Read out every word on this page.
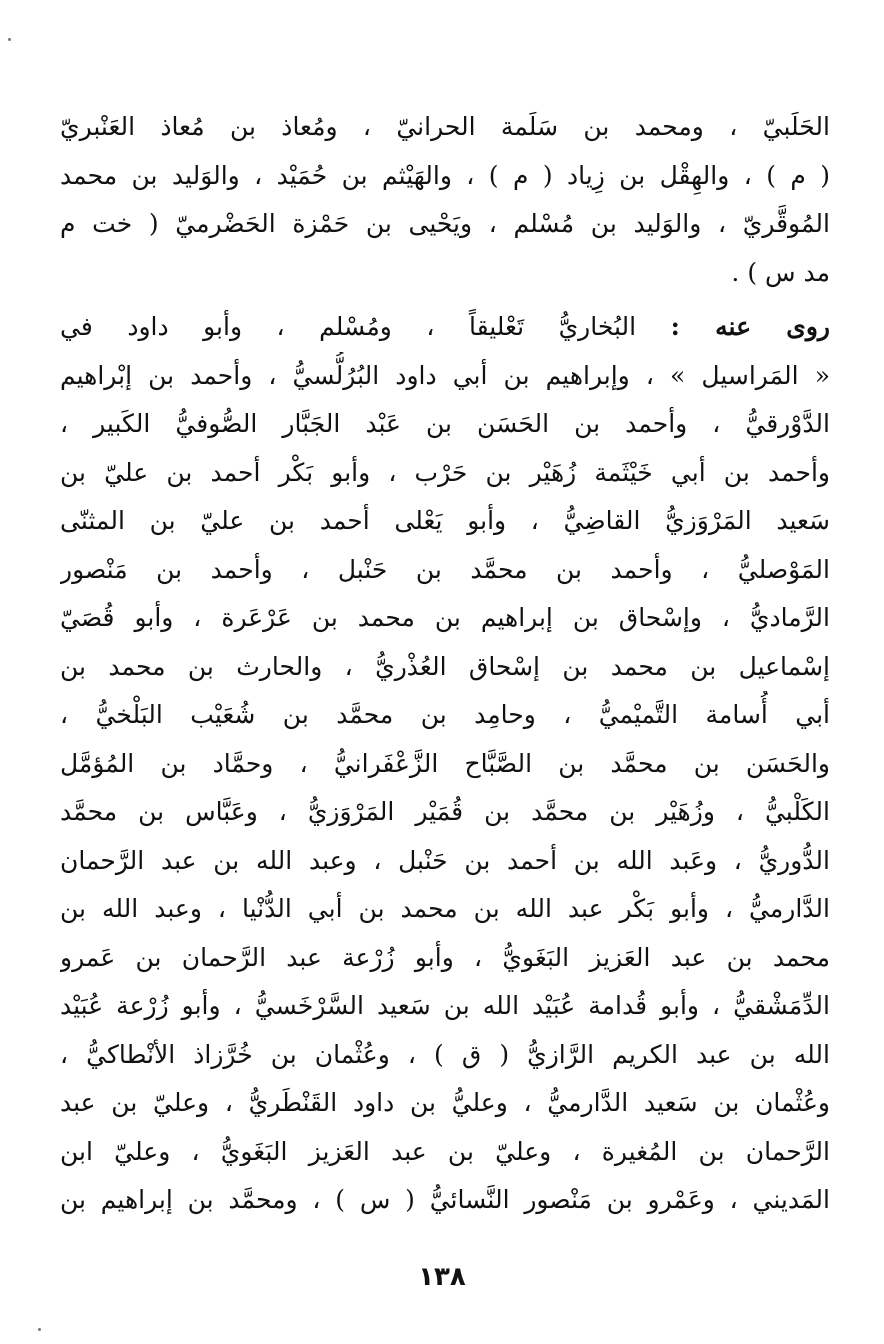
الحَلَبيّ ، ومحمد بن سَلَمة الحرانيّ ، ومُعاذ بن مُعاذ العَنْبريّ
( م ) ، والهِقْل بن زِياد ( م ) ، والهَيْثم بن حُمَيْد ، والوَليد بن محمد
المُوقَّريّ ، والوَليد بن مُسْلم ، ويَحْيى بن حَمْزة الحَضْرميّ ( خت م
مد س ) .
روى عنه : البُخاريُّ تَعْليقاً ، ومُسْلم ، وأبو داود في
« المَراسيل » ، وإبراهيم بن أبي داود البُرُلُّسيُّ ، وأحمد بن إبْراهيم
الدَّوْرقيُّ ، وأحمد بن الحَسَن بن عَبْد الجَبَّار الصُّوفيُّ الكَبير ،
وأحمد بن أبي خَيْثَمة زُهَيْر بن حَرْب ، وأبو بَكْر أحمد بن عليّ بن
سَعيد المَرْوَزيُّ القاضِيُّ ، وأبو يَعْلى أحمد بن عليّ بن المثنّى
المَوْصليُّ ، وأحمد بن محمَّد بن حَنْبل ، وأحمد بن مَنْصور
الرَّماديُّ ، وإسْحاق بن إبراهيم بن محمد بن عَرْعَرة ، وأبو قُصَيّ
إسْماعيل بن محمد بن إسْحاق العُذْريُّ ، والحارث بن محمد بن
أبي أُسامة التَّميْميُّ ، وحامِد بن محمَّد بن شُعَيْب البَلْخيُّ ،
والحَسَن بن محمَّد بن الصَّبَّاح الزَّعْفَرانيُّ ، وحمَّاد بن المُؤمَّل
الكَلْبيُّ ، وزُهَيْر بن محمَّد بن قُمَيْر المَرْوَزيُّ ، وعَبَّاس بن محمَّد
الدُّوريُّ ، وعَبد الله بن أحمد بن حَنْبل ، وعبد الله بن عبد الرَّحمان
الدَّارميُّ ، وأبو بَكْر عبد الله بن محمد بن أبي الدُّنْيا ، وعبد الله بن
محمد بن عبد العَزيز البَغَويُّ ، وأبو زُرْعة عبد الرَّحمان بن عَمرو
الدِّمَشْقيُّ ، وأبو قُدامة عُبَيْد الله بن سَعيد السَّرْخَسيُّ ، وأبو زُرْعة عُبَيْد
الله بن عبد الكريم الرَّازيُّ ( ق ) ، وعُثْمان بن خُرَّزاذ الأنْطاكيُّ ،
وعُثْمان بن سَعيد الدَّارميُّ ، وعليُّ بن داود القَنْطَريُّ ، وعليّ بن عبد
الرَّحمان بن المُغيرة ، وعليّ بن عبد العَزيز البَغَويُّ ، وعليّ ابن
المَديني ، وعَمْرو بن مَنْصور النَّسائيُّ ( س ) ، ومحمَّد بن إبراهيم بن
١٣٨
